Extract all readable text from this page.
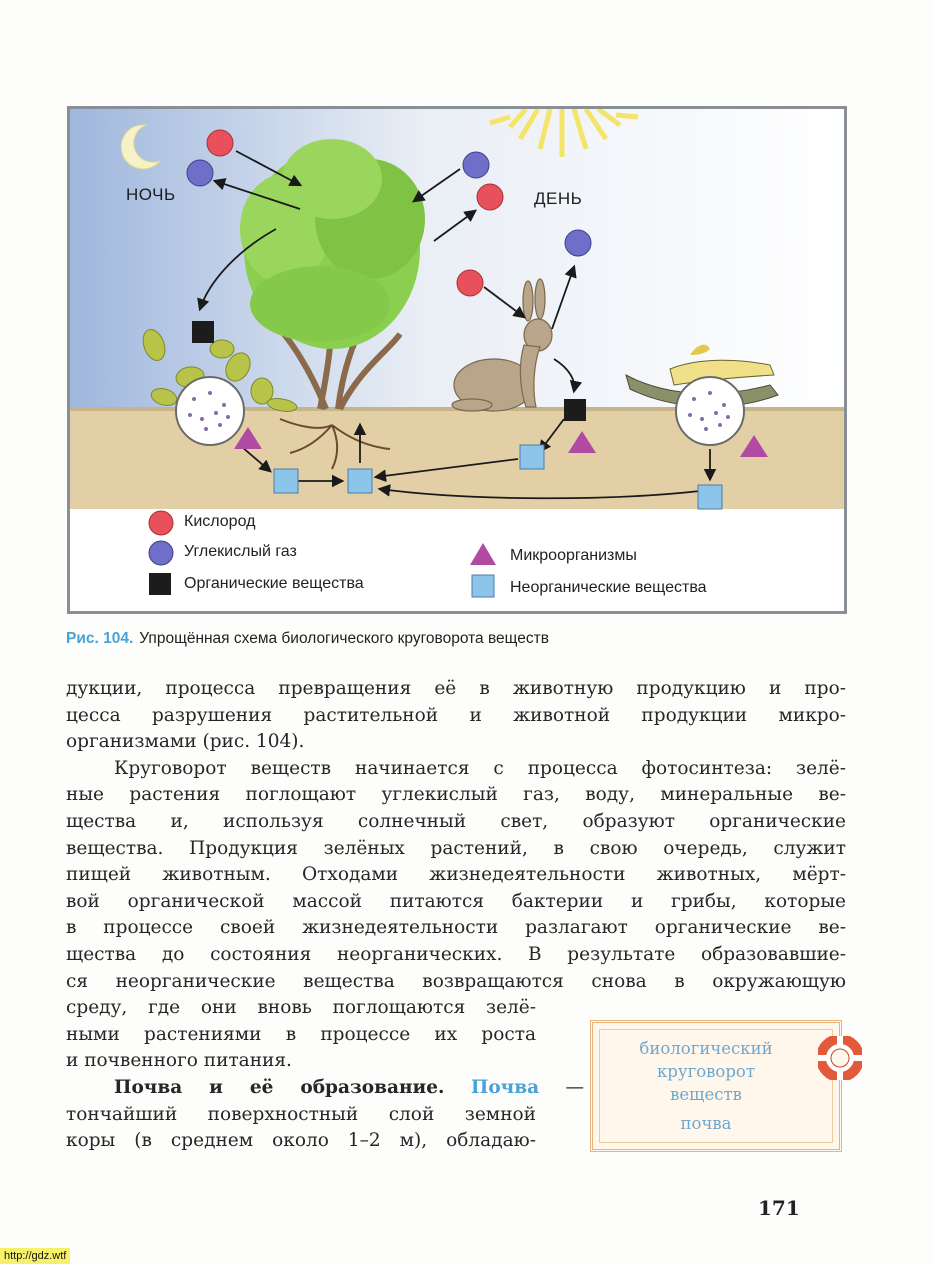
НОЧЬ	ДЕНЬ
Кислород
Углекислый газ
Органические вещества
Микроорганизмы
Неорганические вещества
Рис. 104. Упрощённая схема биологического круговорота веществ
дукции, процесса превращения её в животную продукцию и про-
цесса разрушения растительной и животной продукции микро-
организмами (рис. 104).
Круговорот веществ начинается с процесса фотосинтеза: зелё-
ные растения поглощают углекислый газ, воду, минеральные ве-
щества и, используя солнечный свет, образуют органические
вещества. Продукция зелёных растений, в свою очередь, служит
пищей животным. Отходами жизнедеятельности животных, мёрт-
вой органической массой питаются бактерии и грибы, которые
в процессе своей жизнедеятельности разлагают органические ве-
щества до состояния неорганических. В результате образовавшие-
ся неорганические вещества возвращаются снова в окружающую
среду, где они вновь поглощаются зелё-
ными растениями в процессе их роста
и почвенного питания.
Почва и её образование. Почва —
тончайший поверхностный слой земной
коры (в среднем около 1–2 м), обладаю-
биологический
круговорот
веществ
почва
171
http://gdz.wtf
